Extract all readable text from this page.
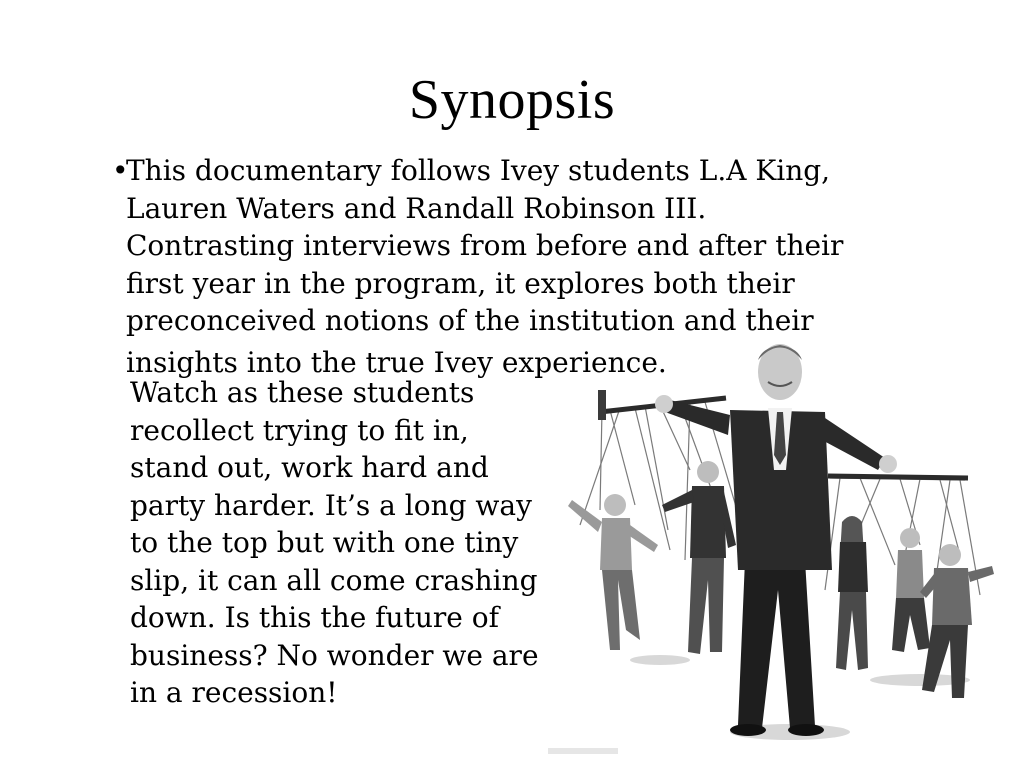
Synopsis
•
This documentary follows Ivey students L.A King,
Lauren Waters and Randall Robinson III.
Contrasting interviews from before and after their
first year in the program, it explores both their
preconceived notions of the institution and their
insights into the true Ivey experience.
Watch as these students
recollect trying to fit in,
stand out, work hard and
party harder. It’s a long way
to the top but with one tiny
slip, it can all come crashing
down. Is this the future of
business? No wonder we are
in a recession!
